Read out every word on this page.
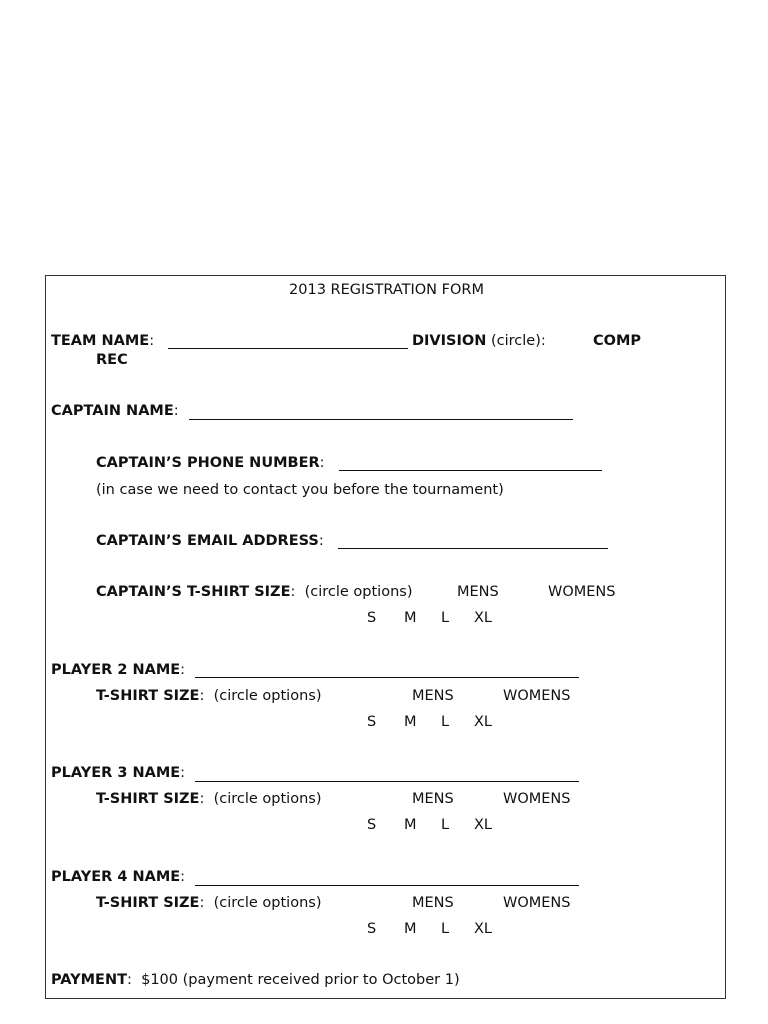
2013 REGISTRATION FORM
TEAM NAME:	DIVISION (circle):	COMP
REC
CAPTAIN NAME:
CAPTAIN’S PHONE NUMBER:
(in case we need to contact you before the tournament)
CAPTAIN’S EMAIL ADDRESS:
CAPTAIN’S T-SHIRT SIZE:  (circle options)	MENS	WOMENS
S M L XL
PLAYER 2 NAME:
T-SHIRT SIZE:  (circle options)	MENS	WOMENS
S M L XL
PLAYER 3 NAME:
T-SHIRT SIZE:  (circle options)	MENS	WOMENS
S M L XL
PLAYER 4 NAME:
T-SHIRT SIZE:  (circle options)	MENS	WOMENS
S M L XL
PAYMENT:  $100 (payment received prior to October 1)
